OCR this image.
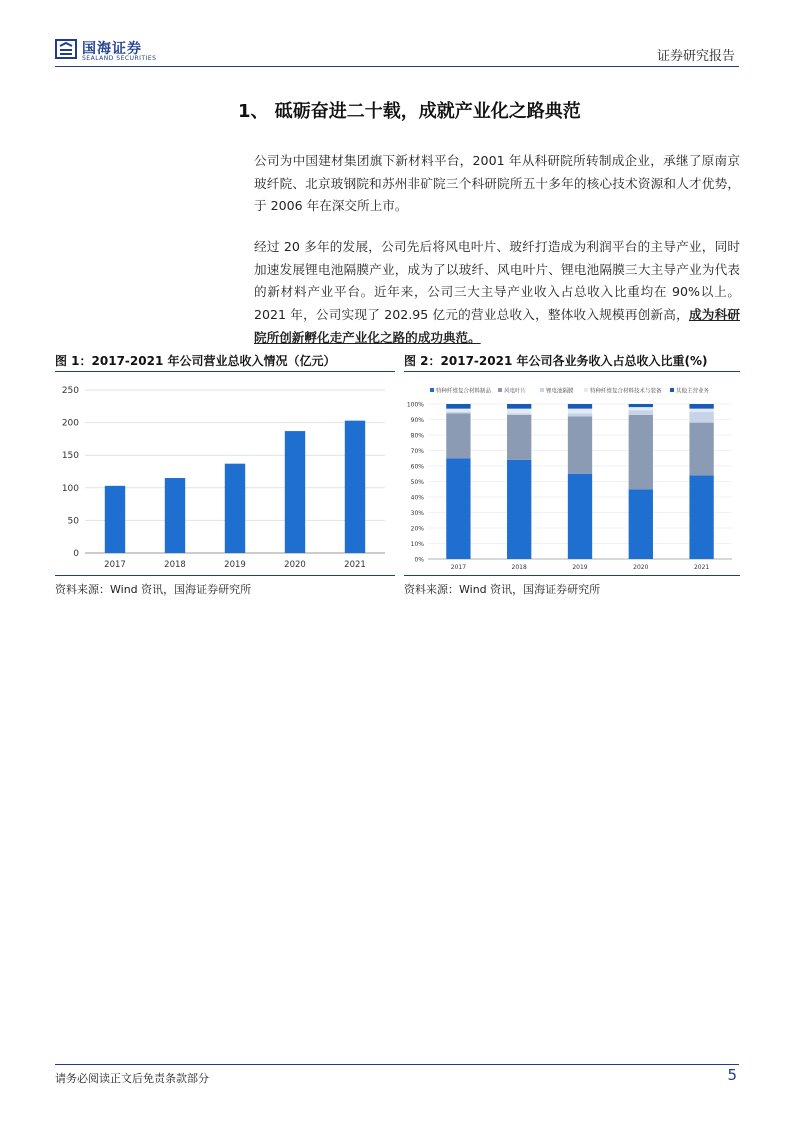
国海证券
SEALAND SECURITIES	证券研究报告
1、 砥砺奋进二十载，成就产业化之路典范
公司为中国建材集团旗下新材料平台，2001 年从科研院所转制成企业，承继了原南京玻纤院、北京玻钢院和苏州非矿院三个科研院所五十多年的核心技术资源和人才优势，于 2006 年在深交所上市。
经过 20 多年的发展，公司先后将风电叶片、玻纤打造成为利润平台的主导产业，同时加速发展锂电池隔膜产业，成为了以玻纤、风电叶片、锂电池隔膜三大主导产业为代表的新材料产业平台。近年来，公司三大主导产业收入占总收入比重均在 90%以上。2021 年，公司实现了 202.95 亿元的营业总收入，整体收入规模再创新高，成为科研院所创新孵化走产业化之路的成功典范。
图 1：2017-2021 年公司营业总收入情况（亿元）
0
50
100
150
200
250
2017	2018	2019	2020	2021
资料来源：Wind 资讯，国海证券研究所
图 2：2017-2021 年公司各业务收入占总收入比重(%)
特种纤维复合材料制品 风电叶片	锂电池隔膜	特种纤维复合材料技术与装备	其他主营业务
0%
10%
20%
30%
40%
50%
60%
70%
80%
90%
100%
2017	2018	2019	2020	2021
资料来源：Wind 资讯，国海证券研究所
请务必阅读正文后免责条款部分	5
